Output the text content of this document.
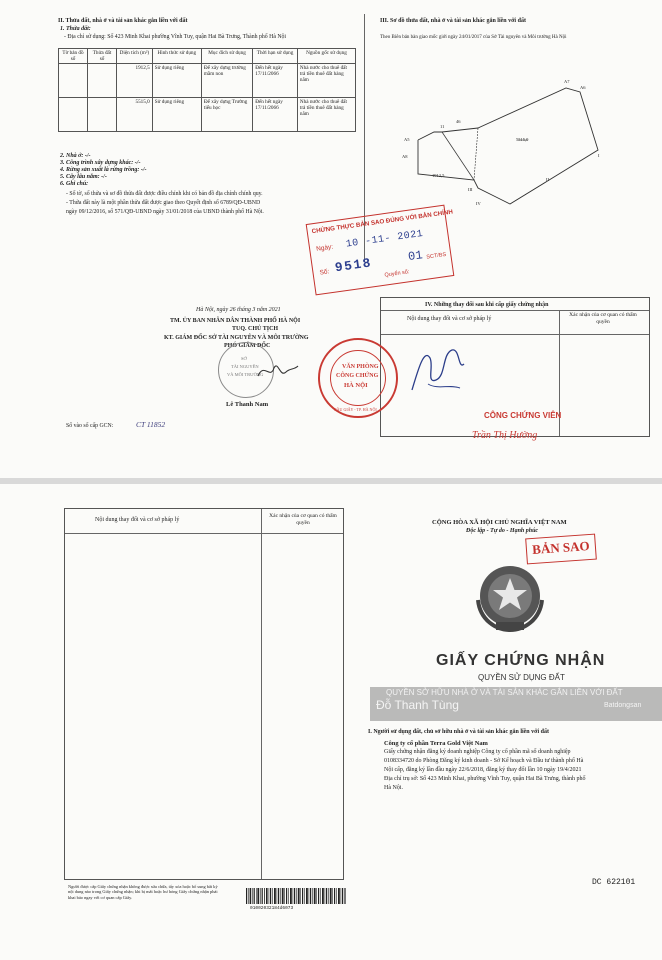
II. Thửa đất, nhà ở và tài sản khác gắn liền với đất
1. Thửa đất:
- Địa chỉ sử dụng: Số 423 Minh Khai phường Vĩnh Tuy, quận Hai Bà Trưng, Thành phố Hà Nội
Tờ bản đồ số	Thửa đất số	Diện tích (m²)	Hình thức sử dụng	Mục đích sử dụng	Thời hạn sử dụng	Nguồn gốc sử dụng
		1912,5	Sử dụng riêng	Để xây dựng trường mầm non	Đến hết ngày 17/11/2066	Nhà nước cho thuê đất trả tiền thuê đất hàng năm
		5515,0	Sử dụng riêng	Để xây dựng Trường tiểu học	Đến hết ngày 17/11/2066	Nhà nước cho thuê đất trả tiền thuê đất hàng năm
2. Nhà ở: -/-
3. Công trình xây dựng khác: -/-
4. Rừng sản xuất là rừng trồng: -/-
5. Cây lâu năm: -/-
6. Ghi chú:
- Số tờ, số thửa và sơ đồ thửa đất được điều chỉnh khi có bản đồ địa chính chính quy.
- Thửa đất này là một phần thửa đất được giao theo Quyết định số 6789/QĐ-UBND
ngày 09/12/2016, số 571/QĐ-UBND ngày 31/01/2018 của UBND thành phố Hà Nội.
III. Sơ đồ thửa đất, nhà ở và tài sản khác gắn liền với đất
Theo Biên bản bàn giao mốc giới ngày 24/01/2017 của Sở Tài nguyên và Môi trường Hà Nội
A7
A6
A5
A8
11
46
I
II
III
IV
1912,5
5515,0
CHỨNG THỰC BẢN SAO ĐÚNG VỚI BẢN CHÍNH
Ngày: 10 -11- 2021
Số: 9518	01 SCT/BS
Quyển số:
Hà Nội, ngày 26 tháng 3 năm 2021
TM. ỦY BAN NHÂN DÂN THÀNH PHỐ HÀ NỘI
TUQ. CHỦ TỊCH
KT. GIÁM ĐỐC SỞ TÀI NGUYÊN VÀ MÔI TRƯỜNG
PHÓ GIÁM ĐỐC
SỞ
TÀI NGUYÊN
VÀ MÔI TRƯỜNG
Lê Thanh Nam
Số vào sổ cấp GCN:	CT 11852
IV. Những thay đổi sau khi cấp giấy chứng nhận
Nội dung thay đổi và cơ sở pháp lý
Xác nhận của cơ quan có thẩm quyền
VĂN PHÒNG
CÔNG CHỨNG
HÀ NỘI
CẦU GIẤY - TP. HÀ NỘI
CÔNG CHỨNG VIÊN
Trần Thị Hường
Nội dung thay đổi và cơ sở pháp lý
Xác nhận của cơ quan có thẩm quyền
Người được cấp Giấy chứng nhận không được sửa chữa, tẩy xóa hoặc bổ sung bất kỳ nội dung nào trong Giấy chứng nhận; khi bị mất hoặc hư hỏng Giấy chứng nhận phải khai báo ngay với cơ quan cấp Giấy.
01002032184d6073
CỘNG HÒA XÃ HỘI CHỦ NGHĨA VIỆT NAM
Độc lập - Tự do - Hạnh phúc
BẢN SAO
GIẤY CHỨNG NHẬN
QUYỀN SỬ DỤNG ĐẤT
QUYỀN SỞ HỮU NHÀ Ở VÀ TÀI SẢN KHÁC GẮN LIỀN VỚI ĐẤT
Đỗ Thanh Tùng	Batdongsan
I. Người sử dụng đất, chủ sở hữu nhà ở và tài sản khác gắn liền với đất
Công ty cổ phần Terra Gold Việt Nam
Giấy chứng nhận đăng ký doanh nghiệp Công ty cổ phần mã số doanh nghiệp
0108334720 do Phòng Đăng ký kinh doanh - Sở Kế hoạch và Đầu tư thành phố Hà
Nội cấp, đăng ký lần đầu ngày 22/6/2018, đăng ký thay đổi lần 10 ngày 19/4/2021
Địa chỉ trụ sở: Số 423 Minh Khai, phường Vĩnh Tuy, quận Hai Bà Trưng, thành phố
Hà Nội.
DC 622101
